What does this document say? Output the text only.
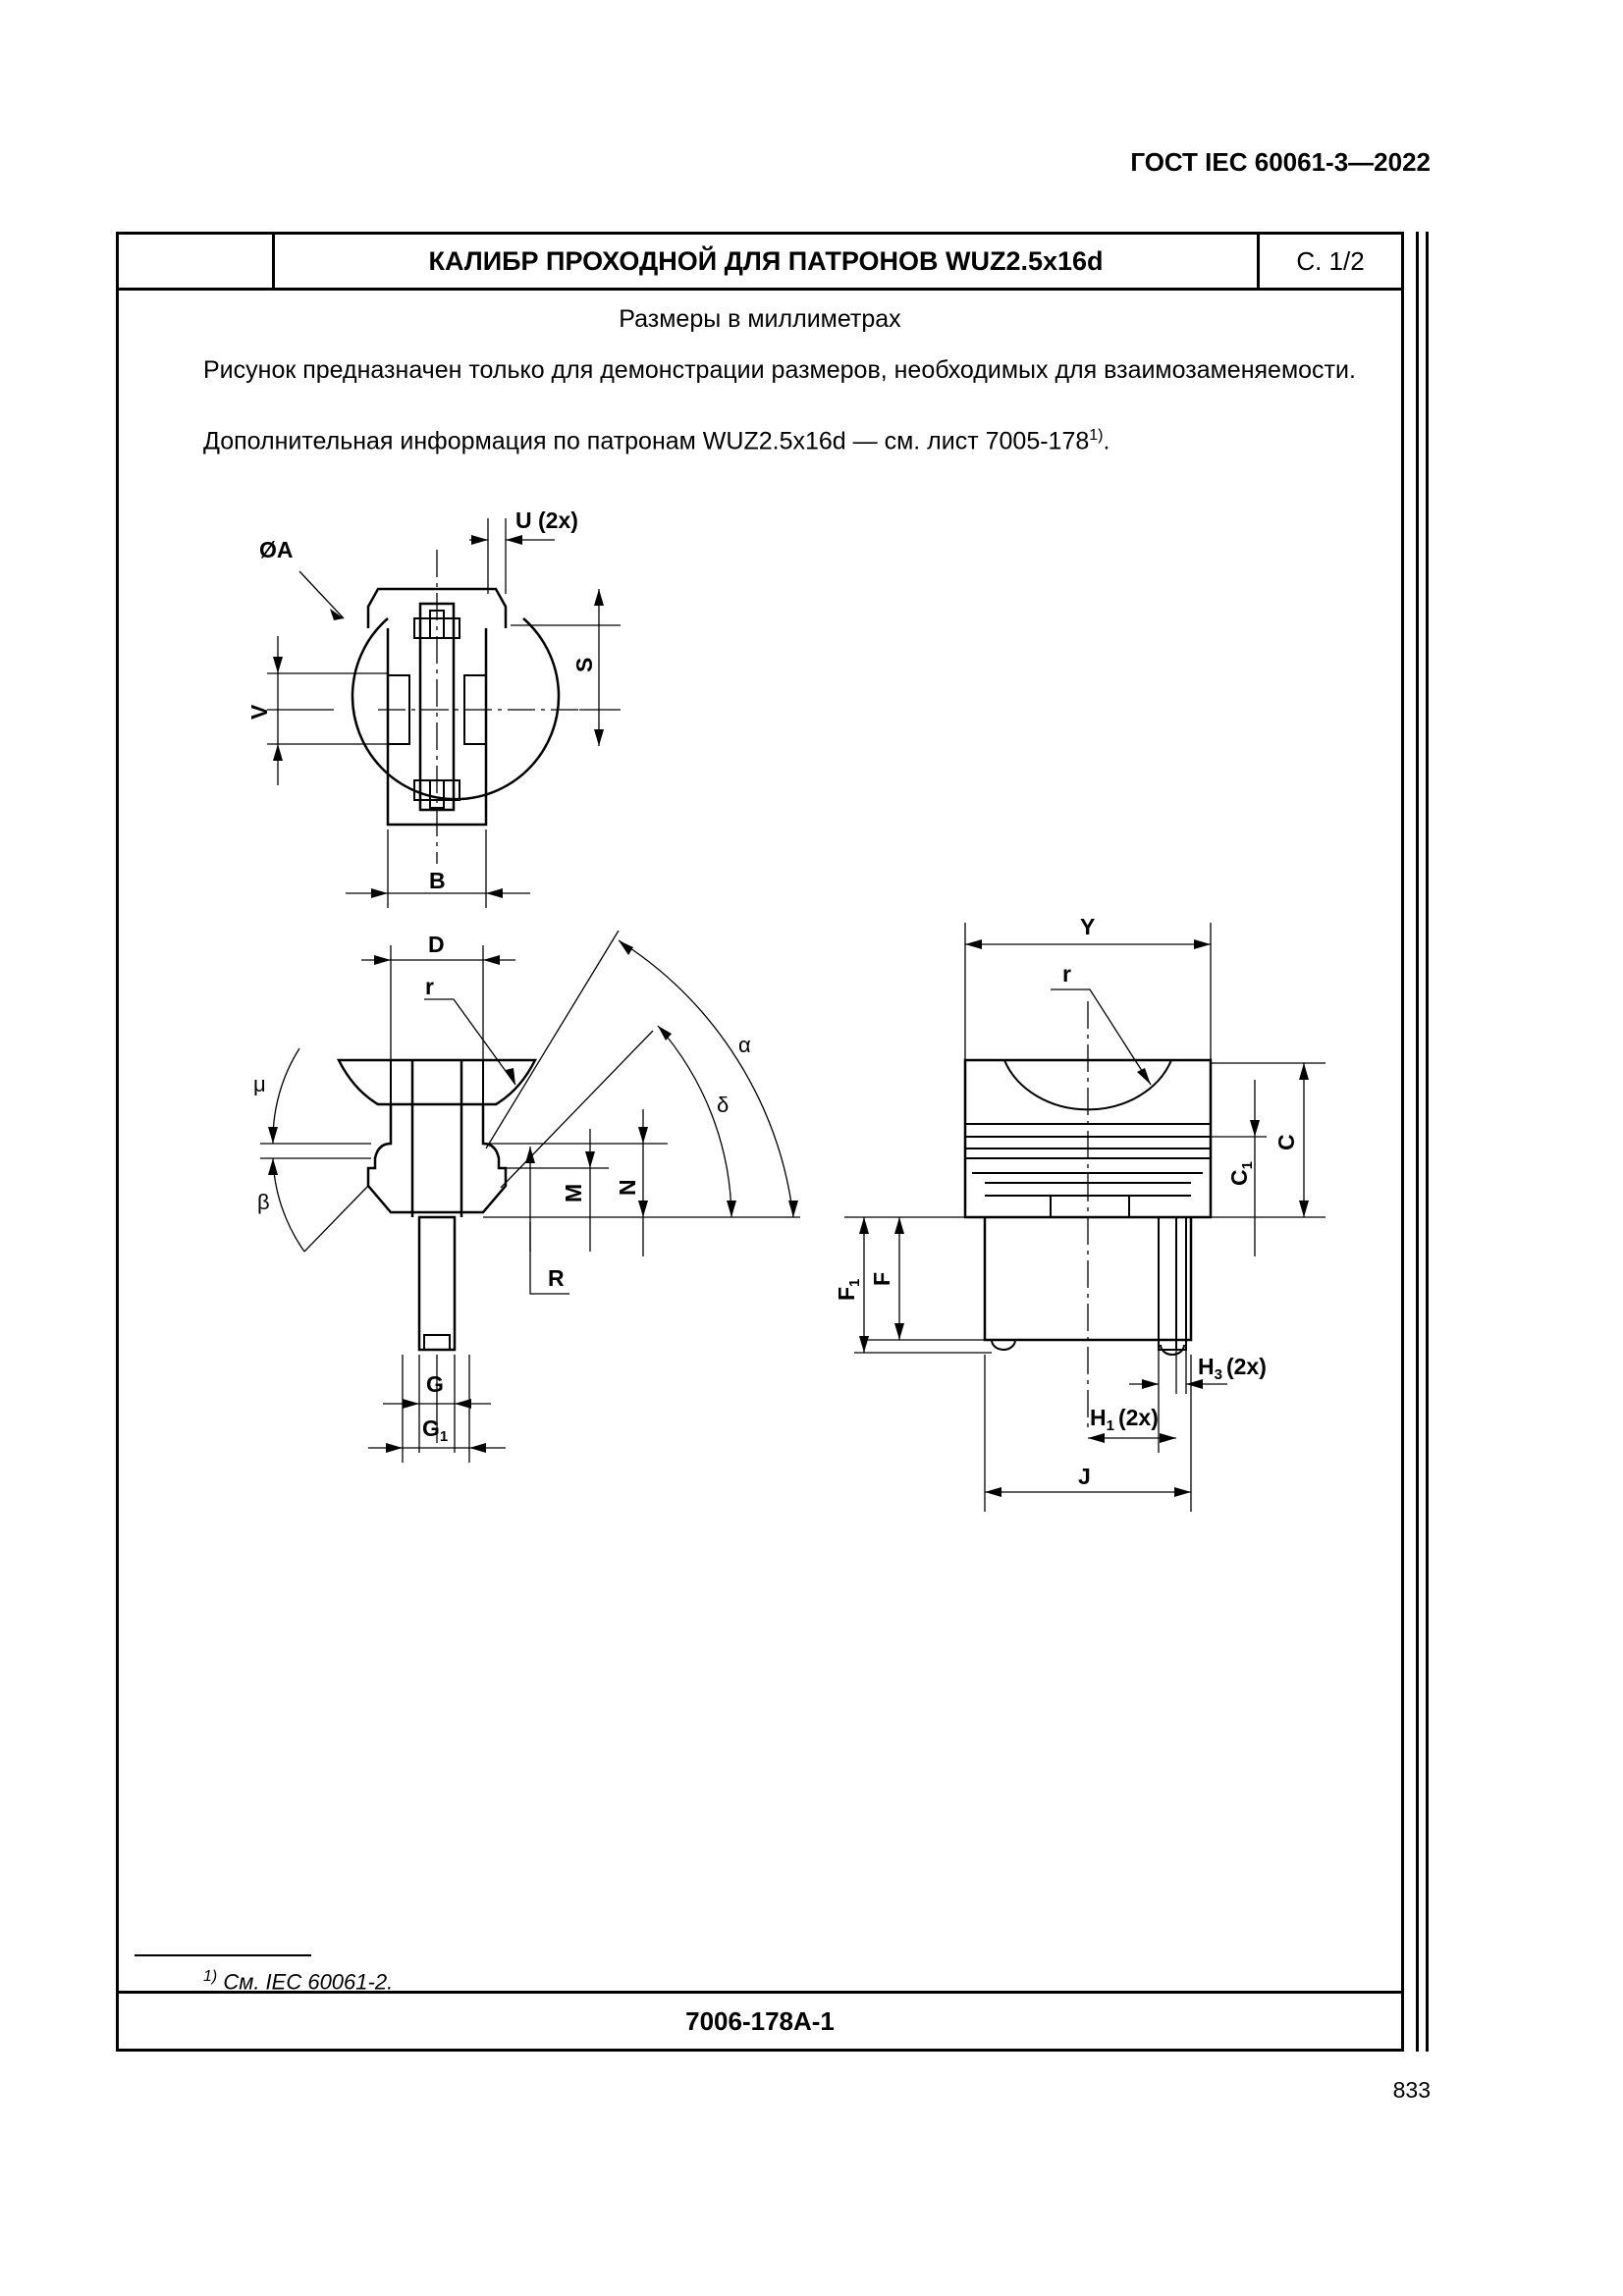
ГОСТ IEC 60061-3—2022
КАЛИБР ПРОХОДНОЙ ДЛЯ ПАТРОНОВ WUZ2.5x16d	С. 1/2
Размеры в миллиметрах
Рисунок предназначен только для демонстрации размеров, необходимых для взаимозаменяемости.
Дополнительная информация по патронам WUZ2.5x16d — см. лист 7005-178$^{1)}$.
$^{1)}$ См. IEC 60061-2.
7006-178A-1
833
ØA
U (2x)
S
V
B
D
r
μ
β
α
δ
M N
R
G
$G_1$
Y
r
C
$C_1$
F
$F_1$
$H_3$ (2x)
$H_1$ (2x)
J
